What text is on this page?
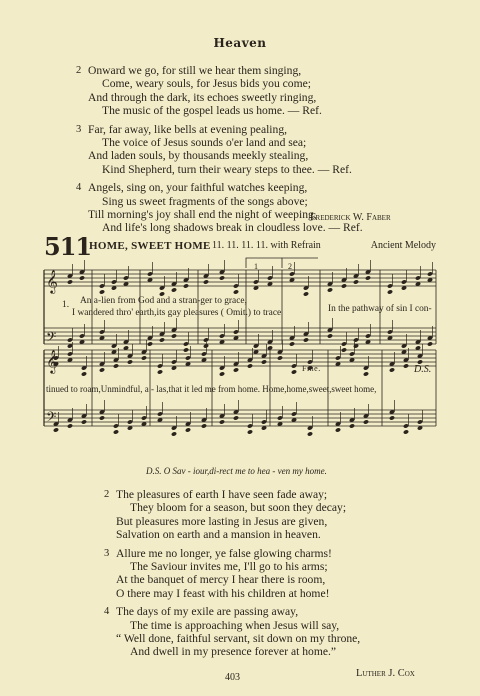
Heaven
2 Onward we go, for still we hear them singing,
Come, weary souls, for Jesus bids you come;
And through the dark, its echoes sweetly ringing,
The music of the gospel leads us home. — Ref.
3 Far, far away, like bells at evening pealing,
The voice of Jesus sounds o'er land and sea;
And laden souls, by thousands meekly stealing,
Kind Shepherd, turn their weary steps to thee. — Ref.
4 Angels, sing on, your faithful watches keeping,
Sing us sweet fragments of the songs above;
Till morning's joy shall end the night of weeping,
And life's long shadows break in cloudless love. — Ref.
Frederick W. Faber
511
HOME, SWEET HOME 11. 11. 11. 11. with Refrain	Ancient Melody
𝄞
𝄢
𝄞
𝄢
1. An a-lien from God and a stran-ger to grace,
I wandered thro' earth,its gay pleasures ( Omit.) to trace	In the pathway of sin I con-
1	2
tinued to roam,Unmindful, a - las,that it led me from home. Home,home,sweet,sweet home,
Fine.	D.S.
D.S. O Sav - iour,di-rect me to hea - ven my home.
2 The pleasures of earth I have seen fade away;
They bloom for a season, but soon they decay;
But pleasures more lasting in Jesus are given,
Salvation on earth and a mansion in heaven.
3 Allure me no longer, ye false glowing charms!
The Saviour invites me, I'll go to his arms;
At the banquet of mercy I hear there is room,
O there may I feast with his children at home!
4 The days of my exile are passing away,
The time is approaching when Jesus will say,
“ Well done, faithful servant, sit down on my throne,
And dwell in my presence forever at home.”
403	Luther J. Cox
